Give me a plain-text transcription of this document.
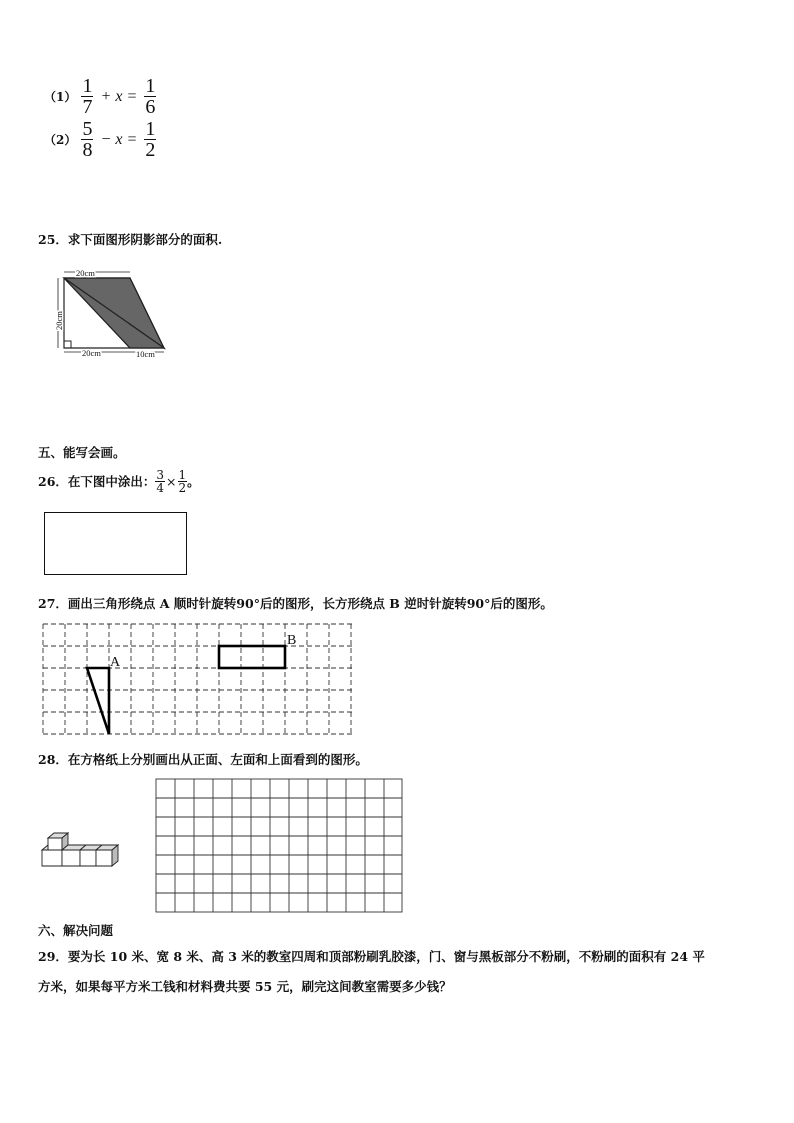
$(1) \frac{1}{7} + x = \frac{1}{6}$
$(2) \frac{5}{8} - x = \frac{1}{2}$
25．求下面图形阴影部分的面积.
20cm
20cm	10cm
20cm
五、能写会画。
26．在下图中涂出： $\frac{3}{4} \times \frac{1}{2}$ 。
27．画出三角形绕点 A 顺时针旋转90°后的图形，长方形绕点 B 逆时针旋转90°后的图形。
A
B
28．在方格纸上分别画出从正面、左面和上面看到的图形。
六、解决问题
29．要为长 10 米、宽 8 米、高 3 米的教室四周和顶部粉刷乳胶漆，门、窗与黑板部分不粉刷，不粉刷的面积有 24 平
方米，如果每平方米工钱和材料费共要 55 元，刷完这间教室需要多少钱？
